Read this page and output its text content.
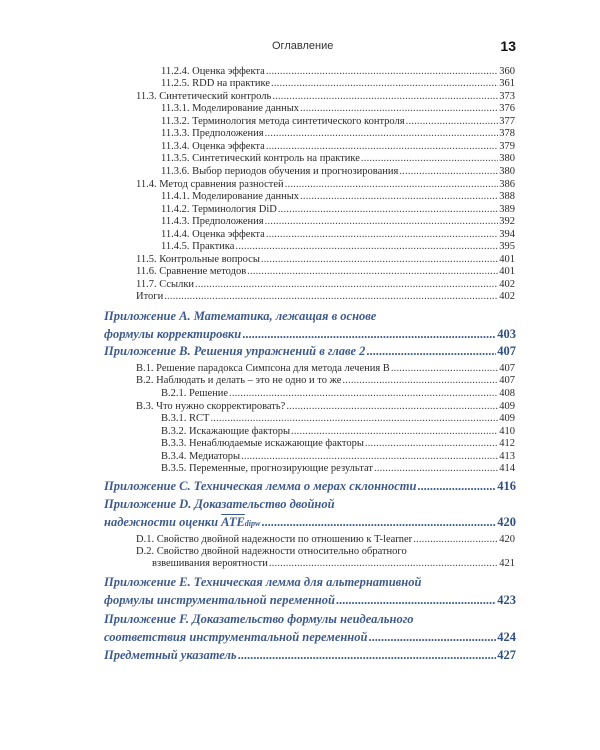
Оглавление	13
11.2.4. Оценка эффекта .....	360
11.2.5. RDD на практике .....	361
11.3. Синтетический контроль .....	373
11.3.1. Моделирование данных .....	376
11.3.2. Терминология метода синтетического контроля .....	377
11.3.3. Предположения .....	378
11.3.4. Оценка эффекта .....	379
11.3.5. Синтетический контроль на практике .....	380
11.3.6. Выбор периодов обучения и прогнозирования .....	380
11.4. Метод сравнения разностей .....	386
11.4.1. Моделирование данных .....	388
11.4.2. Терминология DiD .....	389
11.4.3. Предположения .....	392
11.4.4. Оценка эффекта .....	394
11.4.5. Практика .....	395
11.5. Контрольные вопросы .....	401
11.6. Сравнение методов .....	401
11.7. Ссылки .....	402
Итоги .....	402
Приложение А. Математика, лежащая в основе
формулы корректировки .....	403
Приложение B. Решения упражнений в главе 2 .....	407
B.1. Решение парадокса Симпсона для метода лечения B .....	407
B.2. Наблюдать и делать – это не одно и то же .....	407
B.2.1. Решение .....	408
B.3. Что нужно скорректировать? .....	409
B.3.1. RCT .....	409
B.3.2. Искажающие факторы .....	410
B.3.3. Ненаблюдаемые искажающие факторы .....	412
B.3.4. Медиаторы .....	413
B.3.5. Переменные, прогнозирующие результат .....	414
Приложение C. Техническая лемма о мерах склонности .....	416
Приложение D. Доказательство двойной
надежности оценки
$\overline{ATE}$ dipw .....	420
D.1. Свойство двойной надежности по отношению к T-learner .....	420
D.2. Свойство двойной надежности относительно обратного
взвешивания вероятности .....	421
Приложение E. Техническая лемма для альтернативной
формулы инструментальной переменной .....	423
Приложение F. Доказательство формулы неидеального
соответствия инструментальной переменной .....	424
Предметный указатель .....	427
